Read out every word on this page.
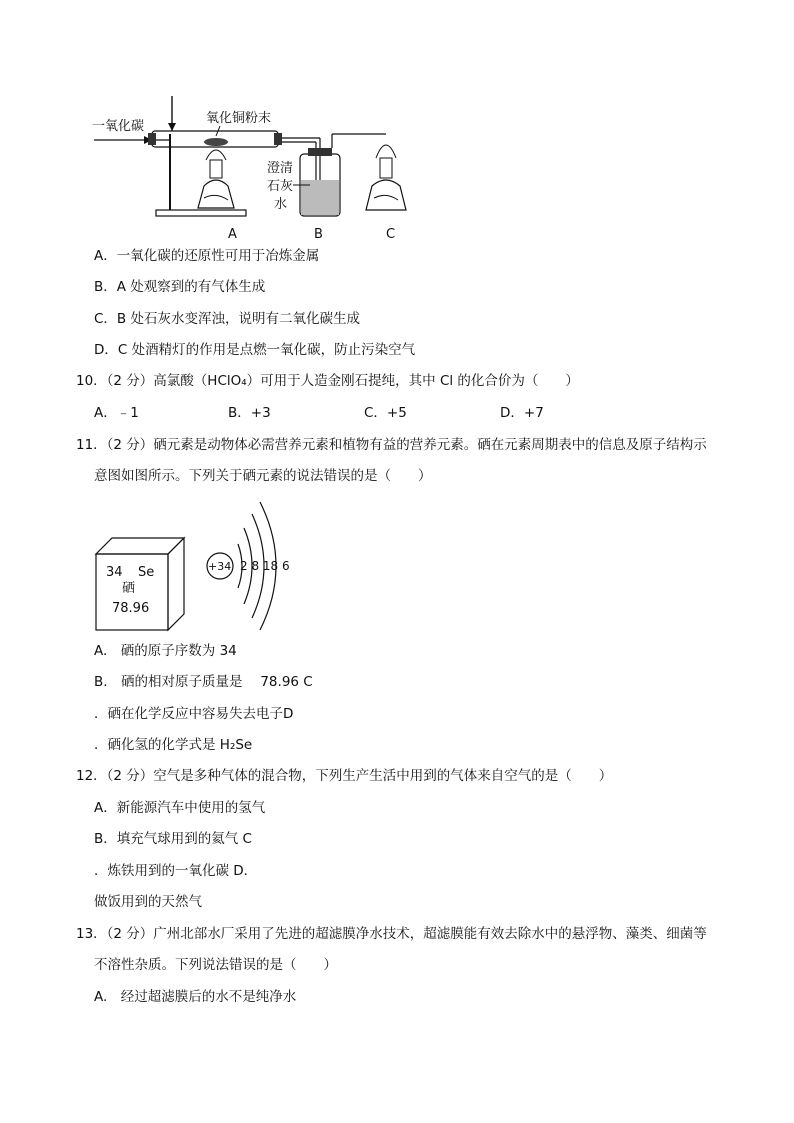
一氧化碳
氧化铜粉末
澄清
石灰
水
A	B	C
A．一氧化碳的还原性可用于冶炼金属
B．A 处观察到的有气体生成
C．B 处石灰水变浑浊，说明有二氧化碳生成
D．C 处酒精灯的作用是点燃一氧化碳，防止污染空气
10．（2 分）高氯酸（HClO₄）可用于人造金刚石提纯，其中 Cl 的化合价为（　　）
A．﹣1	B．+3	C．+5	D．+7
11．（2 分）硒元素是动物体必需营养元素和植物有益的营养元素。硒在元素周期表中的信息及原子结构示
意图如图所示。下列关于硒元素的说法错误的是（　　）
34 Se
硒
78.96
+34 2 8 18 6
A.　硒的原子序数为 34
B.　硒的相对原子质量是　 78.96 C
．硒在化学反应中容易失去电子D
．硒化氢的化学式是 H₂Se
12．（2 分）空气是多种气体的混合物，下列生产生活中用到的气体来自空气的是（　　）
A．新能源汽车中使用的氢气
B．填充气球用到的氦气 C
．炼铁用到的一氧化碳 D．
做饭用到的天然气
13．（2 分）广州北部水厂采用了先进的超滤膜净水技术，超滤膜能有效去除水中的悬浮物、藻类、细菌等
不溶性杂质。下列说法错误的是（　　）
A.　经过超滤膜后的水不是纯净水
